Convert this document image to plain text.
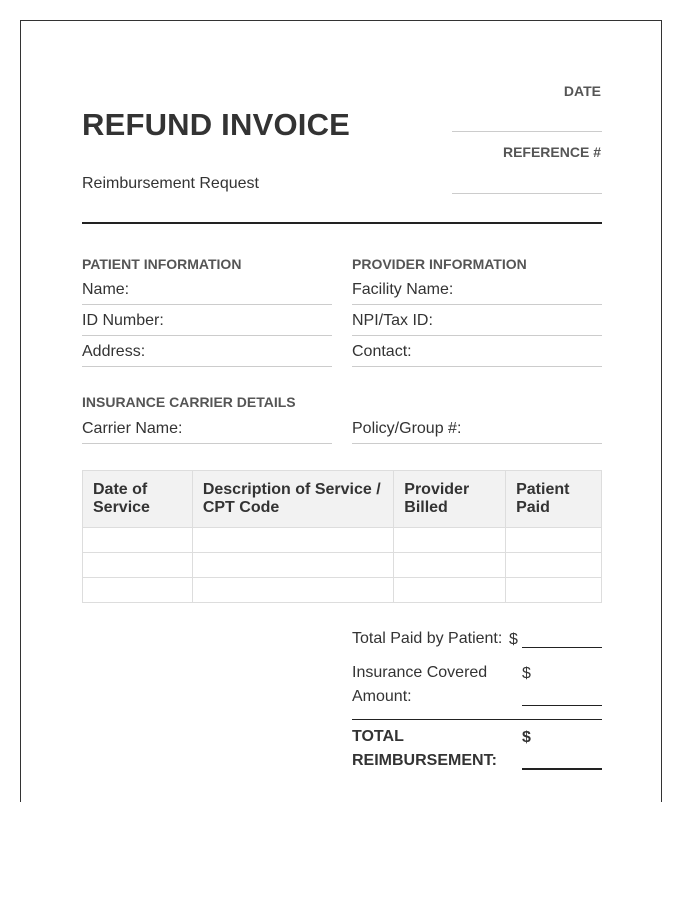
REFUND INVOICE
Reimbursement Request
DATE
REFERENCE #
PATIENT INFORMATION
Name:
ID Number:
Address:
PROVIDER INFORMATION
Facility Name:
NPI/Tax ID:
Contact:
INSURANCE CARRIER DETAILS
Carrier Name:	Policy/Group #:
Date of Service	Description of Service / CPT Code	Provider Billed	Patient Paid

Total Paid by Patient: $
Insurance Covered
Amount:
$
TOTAL
REIMBURSEMENT:
$
